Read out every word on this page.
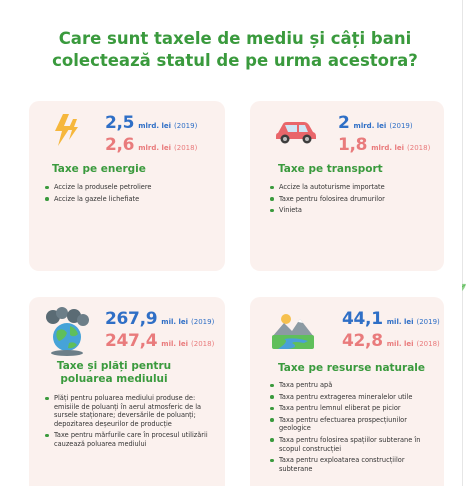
Care sunt taxele de mediu și câți bani
colectează statul de pe urma acestora?
2,5 mlrd. lei (2019)
2,6 mlrd. lei (2018)
Taxe pe energie
Accize la produsele petroliere
Accize la gazele lichefiate
2 mlrd. lei (2019)
1,8 mlrd. lei (2018)
Taxe pe transport
Accize la autoturisme importate
Taxe pentru folosirea drumurilor
Vinieta
267,9 mil. lei (2019)
247,4 mil. lei (2018)
Taxe și plăți pentru
poluarea mediului
Plăți pentru poluarea mediului produse de: emisiile de poluanți în aerul atmosferic de la sursele staționare; deversările de poluanți; depozitarea deșeurilor de producție
Taxe pentru mărfurile care în procesul utilizării cauzează poluarea mediului
44,1 mil. lei (2019)
42,8 mil. lei (2018)
Taxe pe resurse naturale
Taxa pentru apă
Taxa pentru extragerea mineralelor utile
Taxa pentru lemnul eliberat pe picior
Taxa pentru efectuarea prospecțiunilor geologice
Taxa pentru folosirea spațiilor subterane în scopul construcției
Taxa pentru exploatarea construcțiilor subterane
